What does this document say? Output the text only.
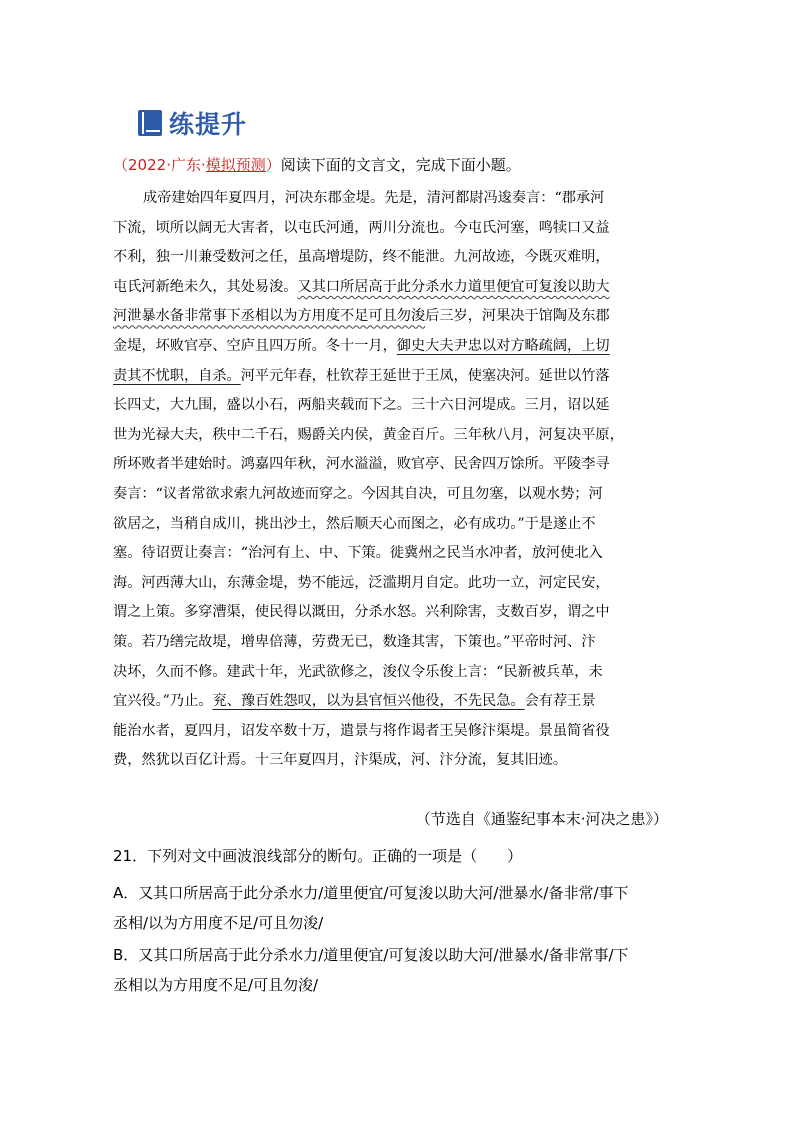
练提升
（2022·广东·模拟预测）阅读下面的文言文，完成下面小题。
成帝建始四年夏四月，河决东郡金堤。先是，清河都尉冯逡奏言：“郡承河
下流，顷所以阔无大害者，以屯氏河通，两川分流也。今屯氏河塞，鸣犊口又益
不利，独一川兼受数河之任，虽高增堤防，终不能泄。九河故迹，今既灭难明，
屯氏河新绝未久，其处易浚。又其口所居高于此分杀水力道里便宜可复浚以助大
河泄暴水备非常事下丞相以为方用度不足可且勿浚后三岁，河果决于馆陶及东郡
金堤，坏败官亭、空庐且四万所。冬十一月，御史大夫尹忠以对方略疏阔，上切
责其不忧职，自杀。河平元年春，杜钦荐王延世于王凤，使塞决河。延世以竹落
长四丈，大九围，盛以小石，两船夹载而下之。三十六日河堤成。三月，诏以延
世为光禄大夫，秩中二千石，赐爵关内侯，黄金百斤。三年秋八月，河复决平原，
所坏败者半建始时。鸿嘉四年秋，河水溢溢，败官亭、民舍四万馀所。平陵李寻
奏言：“议者常欲求索九河故迹而穿之。今因其自决，可且勿塞，以观水势；河
欲居之，当稍自成川，挑出沙土，然后顺天心而图之，必有成功。”于是遂止不
塞。待诏贾让奏言：“治河有上、中、下策。徙冀州之民当水冲者，放河使北入
海。河西薄大山，东薄金堤，势不能远，泛滥期月自定。此功一立，河定民安，
谓之上策。多穿漕渠，使民得以溉田，分杀水怒。兴利除害，支数百岁，谓之中
策。若乃缮完故堤，增卑倍薄，劳费无已，数逢其害，下策也。”平帝时河、汴
决坏，久而不修。建武十年，光武欲修之，浚仪令乐俊上言：“民新被兵革，未
宜兴役。”乃止。兖、豫百姓怨叹，以为县官恒兴他役，不先民急。会有荐王景
能治水者，夏四月，诏发卒数十万，遣景与将作谒者王吴修汴渠堤。景虽简省役
费，然犹以百亿计焉。十三年夏四月，汴渠成，河、汴分流，复其旧迹。
（节选自《通鉴纪事本末·河决之患》）
21．下列对文中画波浪线部分的断句。正确的一项是（　　）
A．又其口所居高于此分杀水力/道里便宜/可复浚以助大河/泄暴水/备非常/事下
丞相/以为方用度不足/可且勿浚/
B．又其口所居高于此分杀水力/道里便宜/可复浚以助大河/泄暴水/备非常事/下
丞相以为方用度不足/可且勿浚/
